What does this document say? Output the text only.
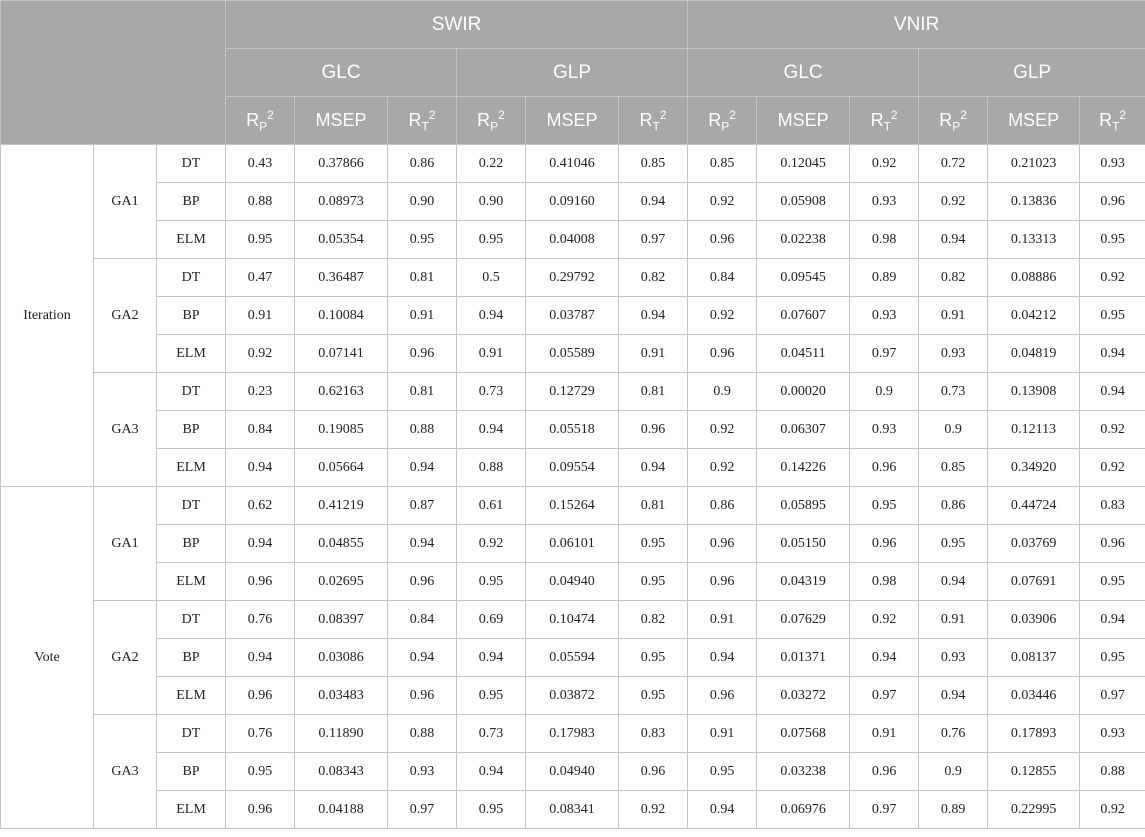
			SWIR						VNIR					
			GLC			GLP			GLC			GLP		
			$R_P^2$	MSEP	$R_T^2$	$R_P^2$	MSEP	$R_T^2$	$R_P^2$	MSEP	$R_T^2$	$R_P^2$	MSEP	$R_T^2$
Iteration	GA1	DT	0.43	0.37866	0.86	0.22	0.41046	0.85	0.85	0.12045	0.92	0.72	0.21023	0.93
		BP	0.88	0.08973	0.90	0.90	0.09160	0.94	0.92	0.05908	0.93	0.92	0.13836	0.96
		ELM	0.95	0.05354	0.95	0.95	0.04008	0.97	0.96	0.02238	0.98	0.94	0.13313	0.95
	GA2	DT	0.47	0.36487	0.81	0.5	0.29792	0.82	0.84	0.09545	0.89	0.82	0.08886	0.92
		BP	0.91	0.10084	0.91	0.94	0.03787	0.94	0.92	0.07607	0.93	0.91	0.04212	0.95
		ELM	0.92	0.07141	0.96	0.91	0.05589	0.91	0.96	0.04511	0.97	0.93	0.04819	0.94
	GA3	DT	0.23	0.62163	0.81	0.73	0.12729	0.81	0.9	0.00020	0.9	0.73	0.13908	0.94
		BP	0.84	0.19085	0.88	0.94	0.05518	0.96	0.92	0.06307	0.93	0.9	0.12113	0.92
		ELM	0.94	0.05664	0.94	0.88	0.09554	0.94	0.92	0.14226	0.96	0.85	0.34920	0.92
Vote	GA1	DT	0.62	0.41219	0.87	0.61	0.15264	0.81	0.86	0.05895	0.95	0.86	0.44724	0.83
		BP	0.94	0.04855	0.94	0.92	0.06101	0.95	0.96	0.05150	0.96	0.95	0.03769	0.96
		ELM	0.96	0.02695	0.96	0.95	0.04940	0.95	0.96	0.04319	0.98	0.94	0.07691	0.95
	GA2	DT	0.76	0.08397	0.84	0.69	0.10474	0.82	0.91	0.07629	0.92	0.91	0.03906	0.94
		BP	0.94	0.03086	0.94	0.94	0.05594	0.95	0.94	0.01371	0.94	0.93	0.08137	0.95
		ELM	0.96	0.03483	0.96	0.95	0.03872	0.95	0.96	0.03272	0.97	0.94	0.03446	0.97
	GA3	DT	0.76	0.11890	0.88	0.73	0.17983	0.83	0.91	0.07568	0.91	0.76	0.17893	0.93
		BP	0.95	0.08343	0.93	0.94	0.04940	0.96	0.95	0.03238	0.96	0.9	0.12855	0.88
		ELM	0.96	0.04188	0.97	0.95	0.08341	0.92	0.94	0.06976	0.97	0.89	0.22995	0.92
